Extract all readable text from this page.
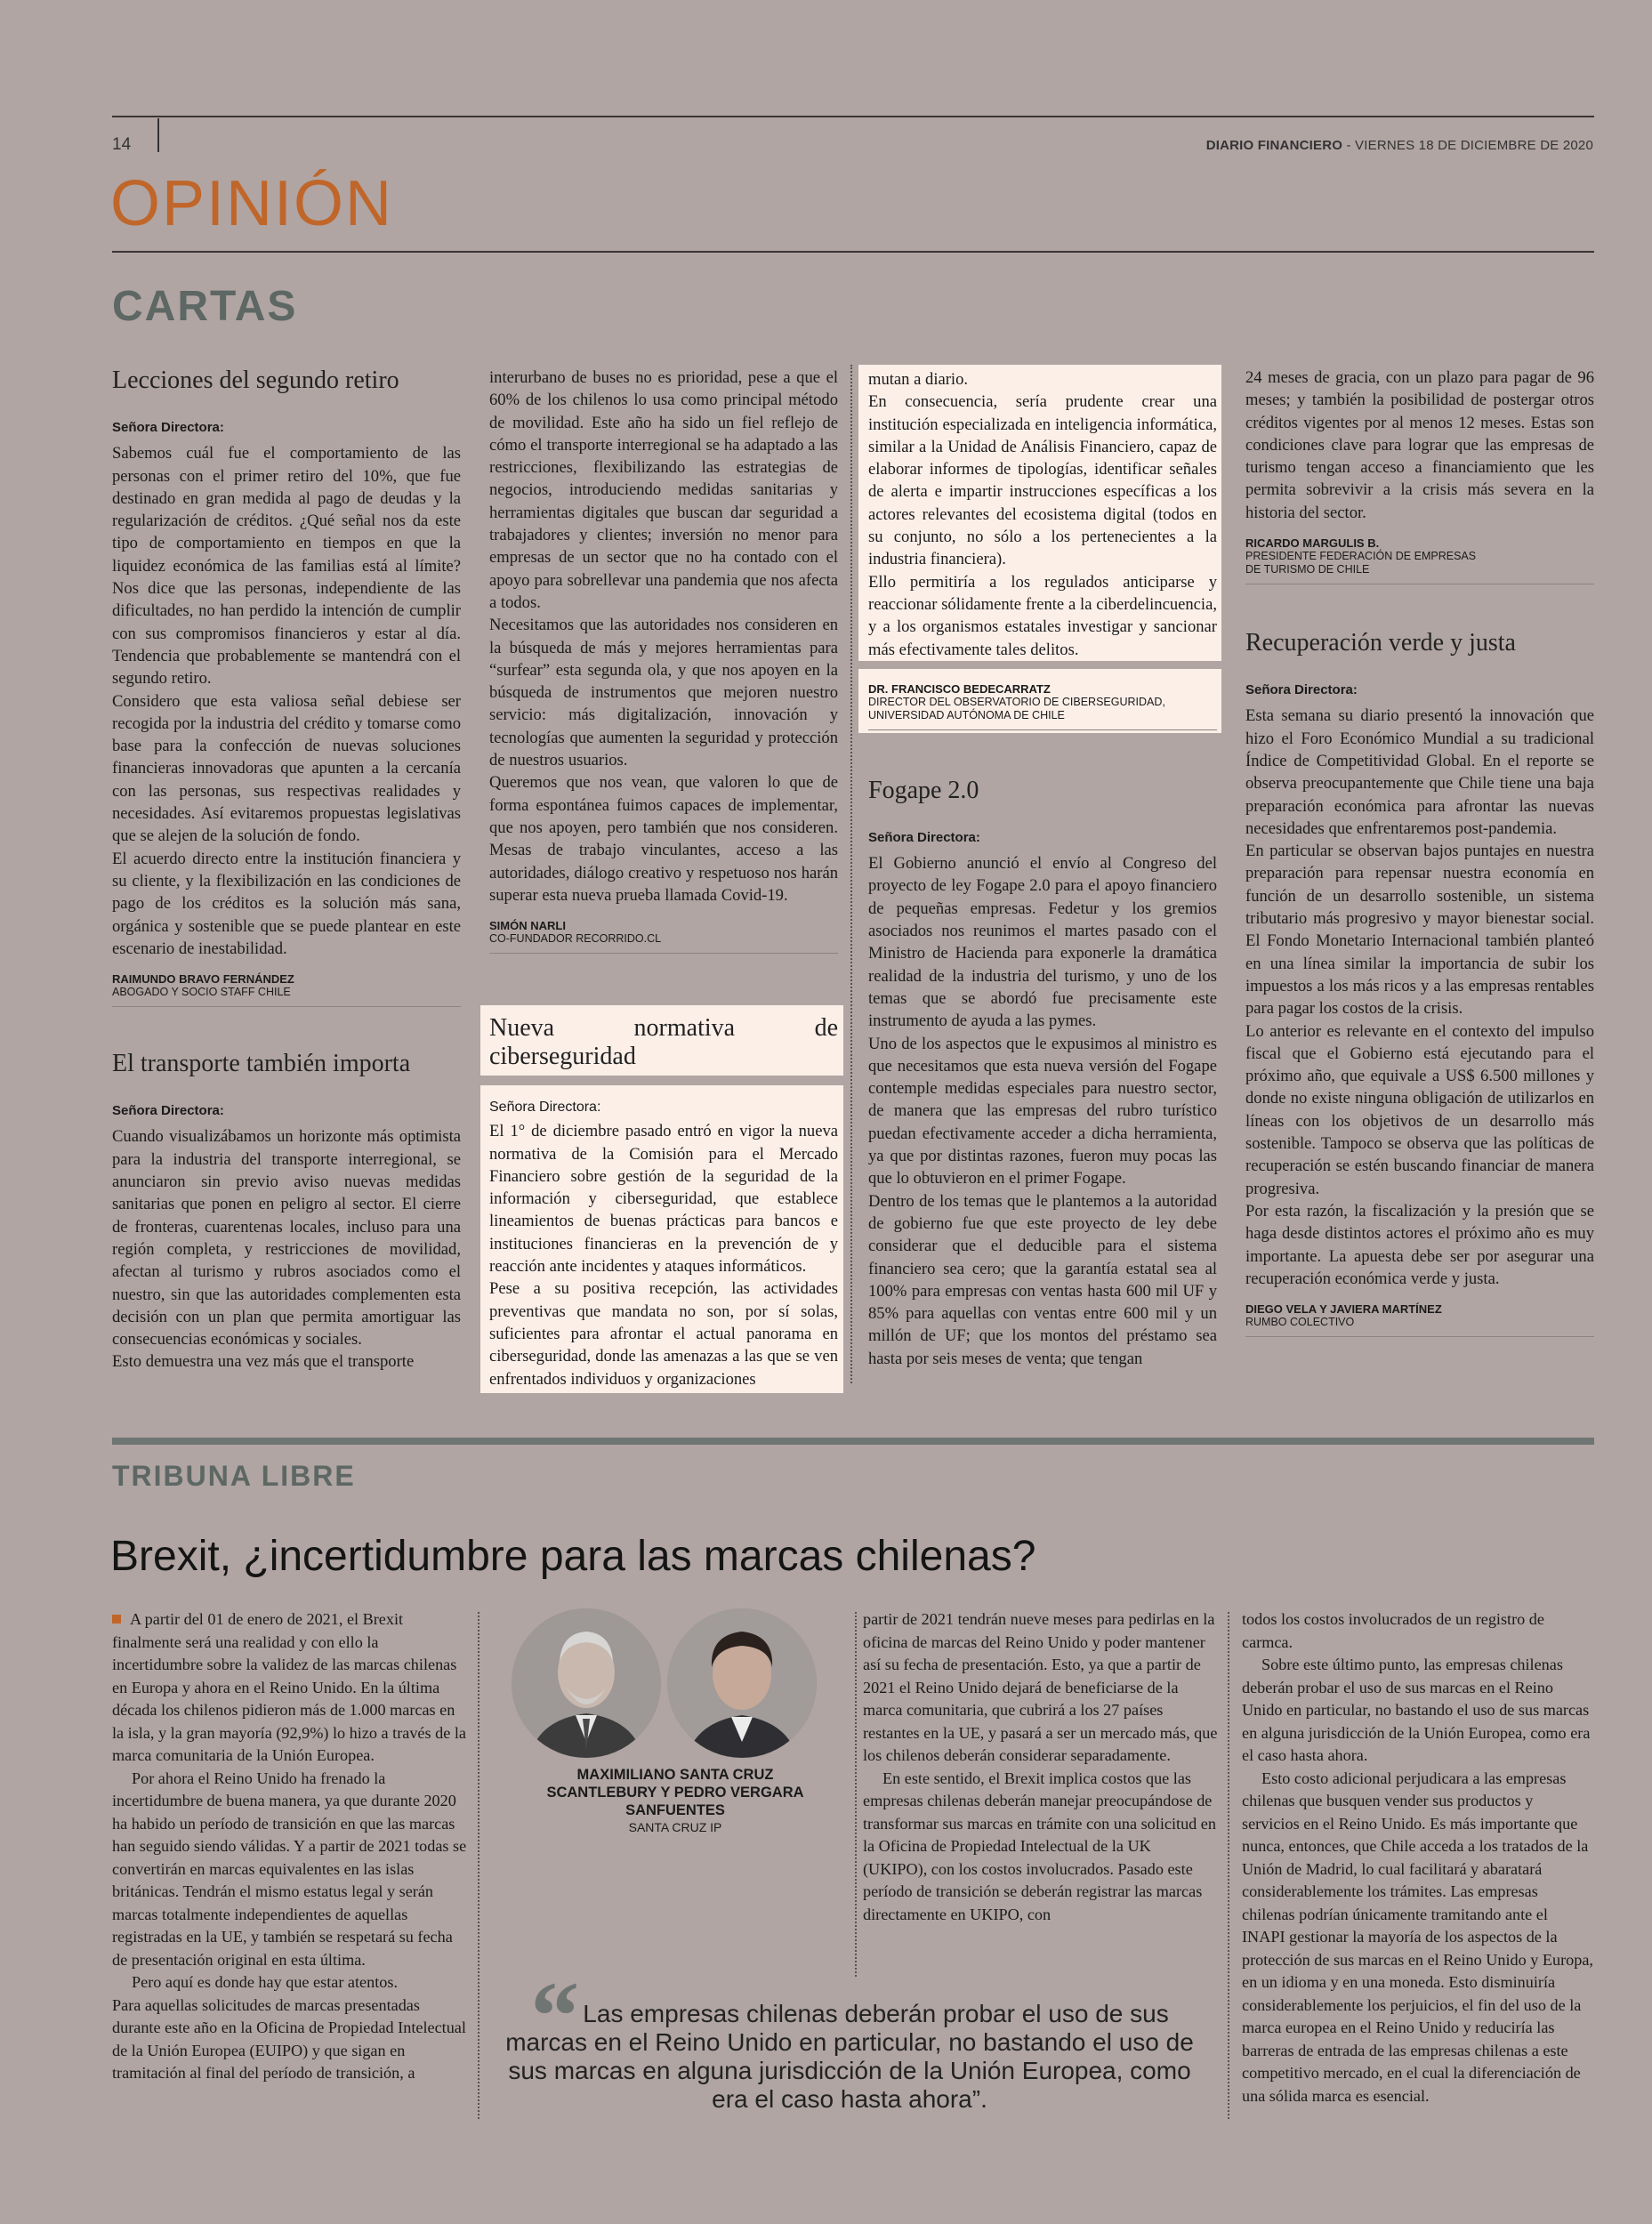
14	DIARIO FINANCIERO - VIERNES 18 DE DICIEMBRE DE 2020
OPINIÓN
CARTAS
Lecciones del segundo retiro
Señora Directora:

Sabemos cuál fue el comportamiento de las personas con el primer retiro del 10%, que fue destinado en gran medida al pago de deudas y la regularización de créditos. ¿Qué señal nos da este tipo de comportamiento en tiempos en que la liquidez económica de las familias está al límite? Nos dice que las personas, independiente de las dificultades, no han perdido la intención de cumplir con sus compromisos financieros y estar al día. Tendencia que probablemente se mantendrá con el segundo retiro.

Considero que esta valiosa señal debiese ser recogida por la industria del crédito y tomarse como base para la confección de nuevas soluciones financieras innovadoras que apunten a la cercanía con las personas, sus respectivas realidades y necesidades. Así evitaremos propuestas legislativas que se alejen de la solución de fondo.

El acuerdo directo entre la institución financiera y su cliente, y la flexibilización en las condiciones de pago de los créditos es la solución más sana, orgánica y sostenible que se puede plantear en este escenario de inestabilidad.

RAIMUNDO BRAVO FERNÁNDEZ
ABOGADO Y SOCIO STAFF CHILE
El transporte también importa
Señora Directora:

Cuando visualizábamos un horizonte más optimista para la industria del transporte interregional, se anunciaron sin previo aviso nuevas medidas sanitarias que ponen en peligro al sector. El cierre de fronteras, cuarentenas locales, incluso para una región completa, y restricciones de movilidad, afectan al turismo y rubros asociados como el nuestro, sin que las autoridades complementen esta decisión con un plan que permita amortiguar las consecuencias económicas y sociales.

Esto demuestra una vez más que el transporte

interurbano de buses no es prioridad, pese a que el 60% de los chilenos lo usa como principal método de movilidad. Este año ha sido un fiel reflejo de cómo el transporte interregional se ha adaptado a las restricciones, flexibilizando las estrategias de negocios, introduciendo medidas sanitarias y herramientas digitales que buscan dar seguridad a trabajadores y clientes; inversión no menor para empresas de un sector que no ha contado con el apoyo para sobrellevar una pandemia que nos afecta a todos.

Necesitamos que las autoridades nos consideren en la búsqueda de más y mejores herramientas para “surfear” esta segunda ola, y que nos apoyen en la búsqueda de instrumentos que mejoren nuestro servicio: más digitalización, innovación y tecnologías que aumenten la seguridad y protección de nuestros usuarios.

Queremos que nos vean, que valoren lo que de forma espontánea fuimos capaces de implementar, que nos apoyen, pero también que nos consideren. Mesas de trabajo vinculantes, acceso a las autoridades, diálogo creativo y respetuoso nos harán superar esta nueva prueba llamada Covid-19.

SIMÓN NARLI
CO-FUNDADOR RECORRIDO.CL
Nueva normativa de ciberseguridad
Señora Directora:

El 1° de diciembre pasado entró en vigor la nueva normativa de la Comisión para el Mercado Financiero sobre gestión de la seguridad de la información y ciberseguridad, que establece lineamientos de buenas prácticas para bancos e instituciones financieras en la prevención de y reacción ante incidentes y ataques informáticos.

Pese a su positiva recepción, las actividades preventivas que mandata no son, por sí solas, suficientes para afrontar el actual panorama en ciberseguridad, donde las amenazas a las que se ven enfrentados individuos y organizaciones

mutan a diario.

En consecuencia, sería prudente crear una institución especializada en inteligencia informática, similar a la Unidad de Análisis Financiero, capaz de elaborar informes de tipologías, identificar señales de alerta e impartir instrucciones específicas a los actores relevantes del ecosistema digital (todos en su conjunto, no sólo a los pertenecientes a la industria financiera).

Ello permitiría a los regulados anticiparse y reaccionar sólidamente frente a la ciberdelincuencia, y a los organismos estatales investigar y sancionar más efectivamente tales delitos.

DR. FRANCISCO BEDECARRATZ
DIRECTOR DEL OBSERVATORIO DE CIBERSEGURIDAD,
UNIVERSIDAD AUTÓNOMA DE CHILE
Fogape 2.0
Señora Directora:

El Gobierno anunció el envío al Congreso del proyecto de ley Fogape 2.0 para el apoyo financiero de pequeñas empresas. Fedetur y los gremios asociados nos reunimos el martes pasado con el Ministro de Hacienda para exponerle la dramática realidad de la industria del turismo, y uno de los temas que se abordó fue precisamente este instrumento de ayuda a las pymes.

Uno de los aspectos que le expusimos al ministro es que necesitamos que esta nueva versión del Fogape contemple medidas especiales para nuestro sector, de manera que las empresas del rubro turístico puedan efectivamente acceder a dicha herramienta, ya que por distintas razones, fueron muy pocas las que lo obtuvieron en el primer Fogape.

Dentro de los temas que le plantemos a la autoridad de gobierno fue que este proyecto de ley debe considerar que el deducible para el sistema financiero sea cero; que la garantía estatal sea al 100% para empresas con ventas hasta 600 mil UF y 85% para aquellas con ventas entre 600 mil y un millón de UF; que los montos del préstamo sea hasta por seis meses de venta; que tengan

24 meses de gracia, con un plazo para pagar de 96 meses; y también la posibilidad de postergar otros créditos vigentes por al menos 12 meses. Estas son condiciones clave para lograr que las empresas de turismo tengan acceso a financiamiento que les permita sobrevivir a la crisis más severa en la historia del sector.

RICARDO MARGULIS B.
PRESIDENTE FEDERACIÓN DE EMPRESAS
DE TURISMO DE CHILE
Recuperación verde y justa
Señora Directora:

Esta semana su diario presentó la innovación que hizo el Foro Económico Mundial a su tradicional Índice de Competitividad Global. En el reporte se observa preocupantemente que Chile tiene una baja preparación económica para afrontar las nuevas necesidades que enfrentaremos post-pandemia.

En particular se observan bajos puntajes en nuestra preparación para repensar nuestra economía en función de un desarrollo sostenible, un sistema tributario más progresivo y mayor bienestar social. El Fondo Monetario Internacional también planteó en una línea similar la importancia de subir los impuestos a los más ricos y a las empresas rentables para pagar los costos de la crisis.

Lo anterior es relevante en el contexto del impulso fiscal que el Gobierno está ejecutando para el próximo año, que equivale a US$ 6.500 millones y donde no existe ninguna obligación de utilizarlos en líneas con los objetivos de un desarrollo más sostenible. Tampoco se observa que las políticas de recuperación se estén buscando financiar de manera progresiva.

Por esta razón, la fiscalización y la presión que se haga desde distintos actores el próximo año es muy importante. La apuesta debe ser por asegurar una recuperación económica verde y justa.

DIEGO VELA Y JAVIERA MARTÍNEZ
RUMBO COLECTIVO
TRIBUNA LIBRE
Brexit, ¿incertidumbre para las marcas chilenas?

A partir del 01 de enero de 2021, el Brexit finalmente será una realidad y con ello la incertidumbre sobre la validez de las marcas chilenas en Europa y ahora en el Reino Unido. En la última década los chilenos pidieron más de 1.000 marcas en la isla, y la gran mayoría (92,9%) lo hizo a través de la marca comunitaria de la Unión Europea.

Por ahora el Reino Unido ha frenado la incertidumbre de buena manera, ya que durante 2020 ha habido un período de transición en que las marcas han seguido siendo válidas. Y a partir de 2021 todas se convertirán en marcas equivalentes en las islas británicas. Tendrán el mismo estatus legal y serán marcas totalmente independientes de aquellas registradas en la UE, y también se respetará su fecha de presentación original en esta última.

Pero aquí es donde hay que estar atentos.

Para aquellas solicitudes de marcas presentadas durante este año en la Oficina de Propiedad Intelectual de la Unión Europea (EUIPO) y que sigan en tramitación al final del período de transición, a

MAXIMILIANO SANTA CRUZ SCANTLEBURY Y PEDRO VERGARA SANFUENTES
SANTA CRUZ IP

partir de 2021 tendrán nueve meses para pedirlas en la oficina de marcas del Reino Unido y poder mantener así su fecha de presentación. Esto, ya que a partir de 2021 el Reino Unido dejará de beneficiarse de la marca comunitaria, que cubrirá a los 27 países restantes en la UE, y pasará a ser un mercado más, que los chilenos deberán considerar separadamente.

En este sentido, el Brexit implica costos que las empresas chilenas deberán manejar preocupándose de transformar sus marcas en trámite con una solicitud en la Oficina de Propiedad Intelectual de la UK (UKIPO), con los costos involucrados. Pasado este período de transición se deberán registrar las marcas directamente en UKIPO, con

todos los costos involucrados de un registro de carmca.

Sobre este último punto, las empresas chilenas deberán probar el uso de sus marcas en el Reino Unido en particular, no bastando el uso de sus marcas en alguna jurisdicción de la Unión Europea, como era el caso hasta ahora.

Esto costo adicional perjudicara a las empresas chilenas que busquen vender sus productos y servicios en el Reino Unido. Es más importante que nunca, entonces, que Chile acceda a los tratados de la Unión de Madrid, lo cual facilitará y abaratará considerablemente los trámites. Las empresas chilenas podrían únicamente tramitando ante el INAPI gestionar la mayoría de los aspectos de la protección de sus marcas en el Reino Unido y Europa, en un idioma y en una moneda. Esto disminuiría considerablemente los perjuicios, el fin del uso de la marca europea en el Reino Unido y reduciría las barreras de entrada de las empresas chilenas a este competitivo mercado, en el cual la diferenciación de una sólida marca es esencial.

“ Las empresas chilenas deberán probar el uso de sus marcas en el Reino Unido en particular, no bastando el uso de sus marcas en alguna jurisdicción de la Unión Europea, como era el caso hasta ahora”.
